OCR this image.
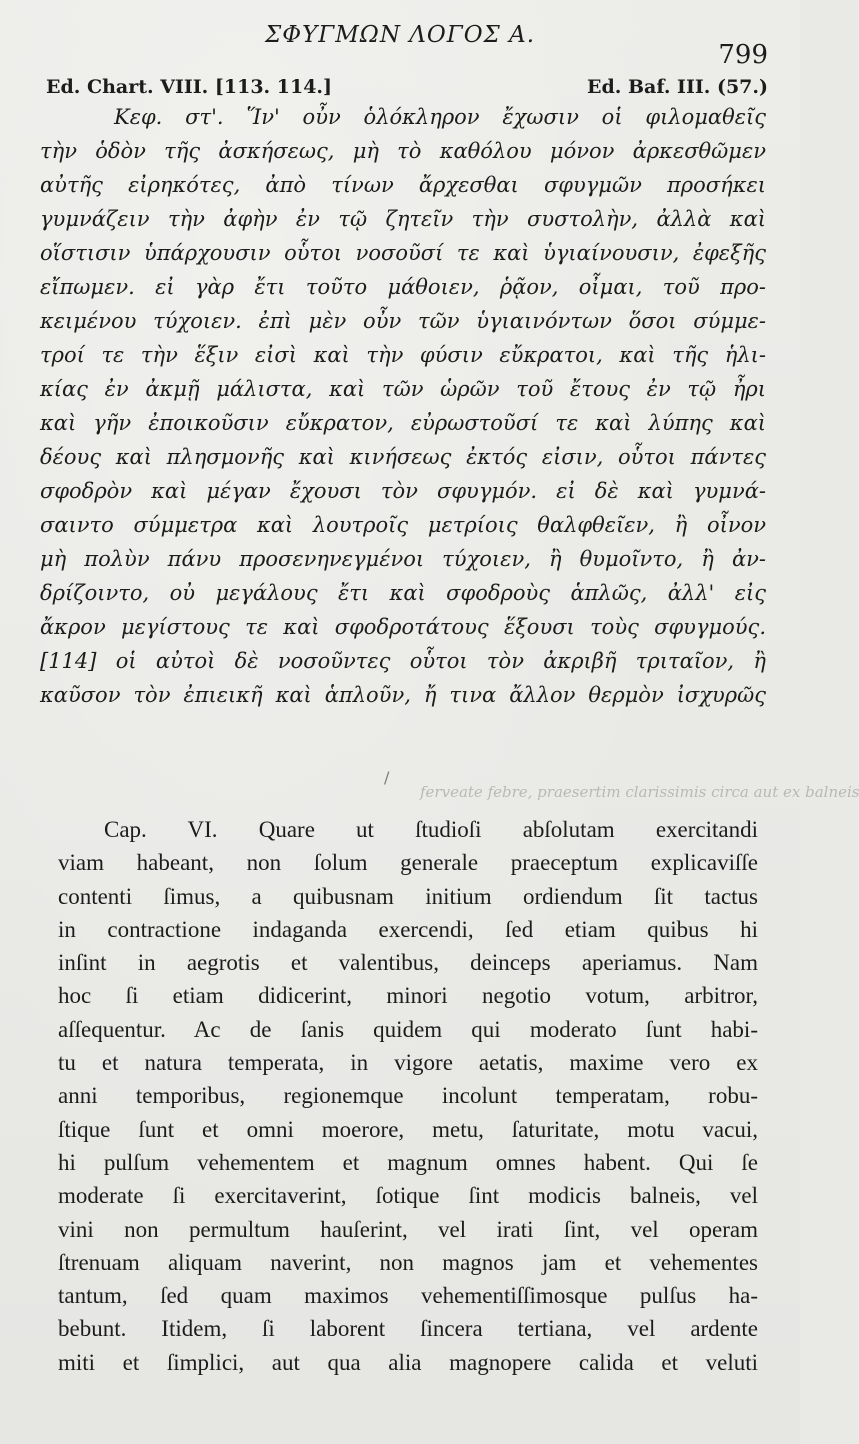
ΣΦΥΓΜΩΝ ΛΟΓΟΣ Α.
799
Ed. Chart. VIII. [113. 114.]	Ed. Baf. III. (57.)
Κεφ. στ'. Ἵν' οὖν ὁλόκληρον ἔχωσιν οἱ φιλομαθεῖς
τὴν ὁδὸν τῆς ἀσκήσεως, μὴ τὸ καθόλου μόνον ἀρκεσθῶμεν
αὐτῆς εἰρηκότες, ἀπὸ τίνων ἄρχεσθαι σφυγμῶν προσήκει
γυμνάζειν τὴν ἀφὴν ἐν τῷ ζητεῖν τὴν συστολὴν, ἀλλὰ καὶ
οἵστισιν ὑπάρχουσιν οὗτοι νοσοῦσί τε καὶ ὑγιαίνουσιν, ἐφεξῆς
εἴπωμεν. εἰ γὰρ ἔτι τοῦτο μάθοιεν, ῥᾷον, οἶμαι, τοῦ προ-
κειμένου τύχοιεν. ἐπὶ μὲν οὖν τῶν ὑγιαινόντων ὅσοι σύμμε-
τροί τε τὴν ἕξιν εἰσὶ καὶ τὴν φύσιν εὔκρατοι, καὶ τῆς ἡλι-
κίας ἐν ἀκμῇ μάλιστα, καὶ τῶν ὡρῶν τοῦ ἔτους ἐν τῷ ἦρι
καὶ γῆν ἐποικοῦσιν εὔκρατον, εὐρωστοῦσί τε καὶ λύπης καὶ
δέους καὶ πλησμονῆς καὶ κινήσεως ἐκτός εἰσιν, οὗτοι πάντες
σφοδρὸν καὶ μέγαν ἔχουσι τὸν σφυγμόν. εἰ δὲ καὶ γυμνά-
σαιντο σύμμετρα καὶ λουτροῖς μετρίοις θαλφθεῖεν, ἢ οἶνον
μὴ πολὺν πάνυ προσενηνεγμένοι τύχοιεν, ἢ θυμοῖντο, ἢ ἀν-
δρίζοιντο, οὐ μεγάλους ἔτι καὶ σφοδροὺς ἁπλῶς, ἀλλ' εἰς
ἄκρον μεγίστους τε καὶ σφοδροτάτους ἕξουσι τοὺς σφυγμούς.
[114] οἱ αὐτοὶ δὲ νοσοῦντες οὗτοι τὸν ἀκριβῆ τριταῖον, ἢ
καῦσον τὸν ἐπιεικῆ καὶ ἁπλοῦν, ἤ τινα ἄλλον θερμὸν ἰσχυρῶς
/
ferveate febre, praesertim clarissimis circa aut ex balneis
Cap. VI. Quare ut ſtudioſi abſolutam exercitandi
viam habeant, non ſolum generale praeceptum explicaviſſe
contenti ſimus, a quibusnam initium ordiendum ſit tactus
in contractione indaganda exercendi, ſed etiam quibus hi
inſint in aegrotis et valentibus, deinceps aperiamus. Nam
hoc ſi etiam didicerint, minori negotio votum, arbitror,
aſſequentur. Ac de ſanis quidem qui moderato ſunt habi-
tu et natura temperata, in vigore aetatis, maxime vero ex
anni temporibus, regionemque incolunt temperatam, robu-
ſtique ſunt et omni moerore, metu, ſaturitate, motu vacui,
hi pulſum vehementem et magnum omnes habent. Qui ſe
moderate ſi exercitaverint, ſotique ſint modicis balneis, vel
vini non permultum hauſerint, vel irati ſint, vel operam
ſtrenuam aliquam naverint, non magnos jam et vehementes
tantum, ſed quam maximos vehementiſſimosque pulſus ha-
bebunt. Itidem, ſi laborent ſincera tertiana, vel ardente
miti et ſimplici, aut qua alia magnopere calida et veluti
